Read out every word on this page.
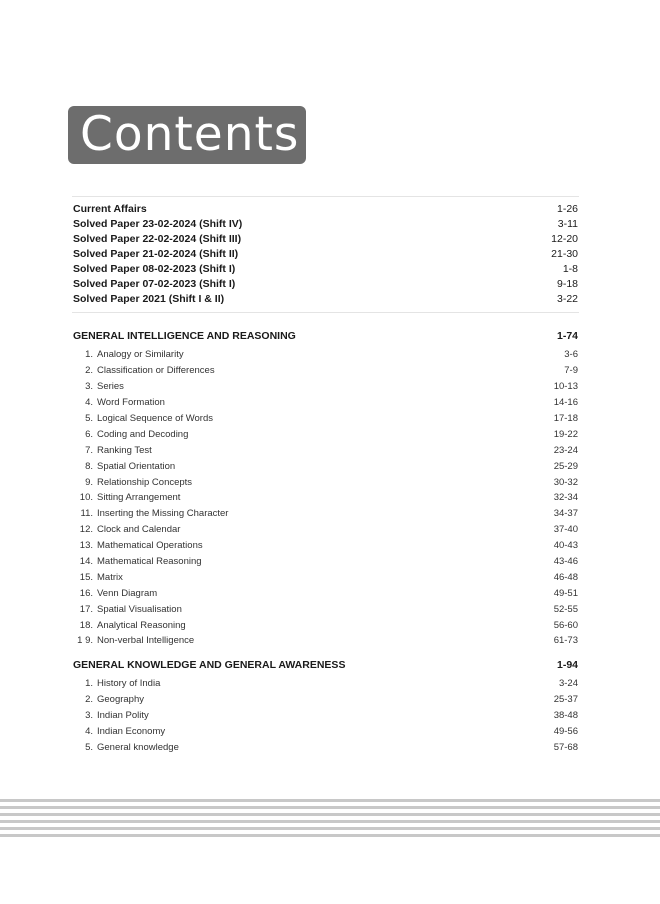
Contents
Current Affairs	1-26
Solved Paper 23-02-2024 (Shift IV)	3-11
Solved Paper 22-02-2024 (Shift III)	12-20
Solved Paper 21-02-2024 (Shift II)	21-30
Solved Paper 08-02-2023 (Shift I)	1-8
Solved Paper 07-02-2023 (Shift I)	9-18
Solved Paper 2021 (Shift I & II)	3-22
GENERAL INTELLIGENCE AND REASONING	1-74
1. Analogy or Similarity	3-6
2. Classification or Differences	7-9
3. Series	10-13
4. Word Formation	14-16
5. Logical Sequence of Words	17-18
6. Coding and Decoding	19-22
7. Ranking Test	23-24
8. Spatial Orientation	25-29
9. Relationship Concepts	30-32
10. Sitting Arrangement	32-34
11. Inserting the Missing Character	34-37
12. Clock and Calendar	37-40
13. Mathematical Operations	40-43
14. Mathematical Reasoning	43-46
15. Matrix	46-48
16. Venn Diagram	49-51
17. Spatial Visualisation	52-55
18. Analytical Reasoning	56-60
1 9. Non-verbal Intelligence	61-73
GENERAL KNOWLEDGE AND GENERAL AWARENESS	1-94
1. History of India	3-24
2. Geography	25-37
3. Indian Polity	38-48
4. Indian Economy	49-56
5. General knowledge	57-68
